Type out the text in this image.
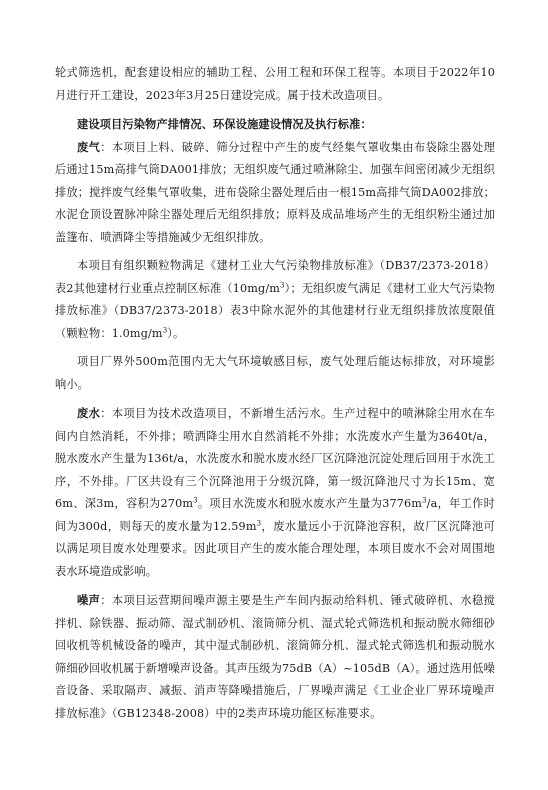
轮式筛选机，配套建设相应的辅助工程、公用工程和环保工程等。本项目于2022年10月进行开工建设，2023年3月25日建设完成。属于技术改造项目。

建设项目污染物产排情况、环保设施建设情况及执行标准：

废气：本项目上料、破碎、筛分过程中产生的废气经集气罩收集由布袋除尘器处理后通过15m高排气筒DA001排放；无组织废气通过喷淋除尘、加强车间密闭减少无组织排放；搅拌废气经集气罩收集，进布袋除尘器处理后由一根15m高排气筒DA002排放；水泥仓顶设置脉冲除尘器处理后无组织排放；原料及成品堆场产生的无组织粉尘通过加盖篷布、喷洒降尘等措施减少无组织排放。

本项目有组织颗粒物满足《建材工业大气污染物排放标准》（DB37/2373-2018）表2其他建材行业重点控制区标准$(10mg/m^3)$；无组织废气满足《建材工业大气污染物排放标准》（DB37/2373-2018）表3中除水泥外的其他建材行业无组织排放浓度限值（颗粒物：$1.0mg/m^3$）。

项目厂界外500m范围内无大气环境敏感目标，废气处理后能达标排放，对环境影响小。

废水：本项目为技术改造项目，不新增生活污水。生产过程中的喷淋除尘用水在车间内自然消耗，不外排；喷洒降尘用水自然消耗不外排；水洗废水产生量为3640t/a，脱水废水产生量为136t/a，水洗废水和脱水废水经厂区沉降池沉淀处理后回用于水洗工序，不外排。厂区共设有三个沉降池用于分级沉降，第一级沉降池尺寸为长15m、宽6m、深3m，容积为$270m^3$。项目水洗废水和脱水废水产生量为$3776m^3/a$，年工作时间为300d，则每天的废水量为$12.59m^3$，废水量远小于沉降池容积，故厂区沉降池可以满足项目废水处理要求。因此项目产生的废水能合理处理，本项目废水不会对周围地表水环境造成影响。

噪声：本项目运营期间噪声源主要是生产车间内振动给料机、锤式破碎机、水稳搅拌机、除铁器、振动筛、湿式制砂机、滚筒筛分机、湿式轮式筛选机和振动脱水筛细砂回收机等机械设备的噪声，其中湿式制砂机、滚筒筛分机、湿式轮式筛选机和振动脱水筛细砂回收机属于新增噪声设备。其声压级为75dB（A）~105dB（A）。通过选用低噪音设备、采取隔声、减振、消声等降噪措施后，厂界噪声满足《工业企业厂界环境噪声排放标准》（GB12348-2008）中的2类声环境功能区标准要求。
